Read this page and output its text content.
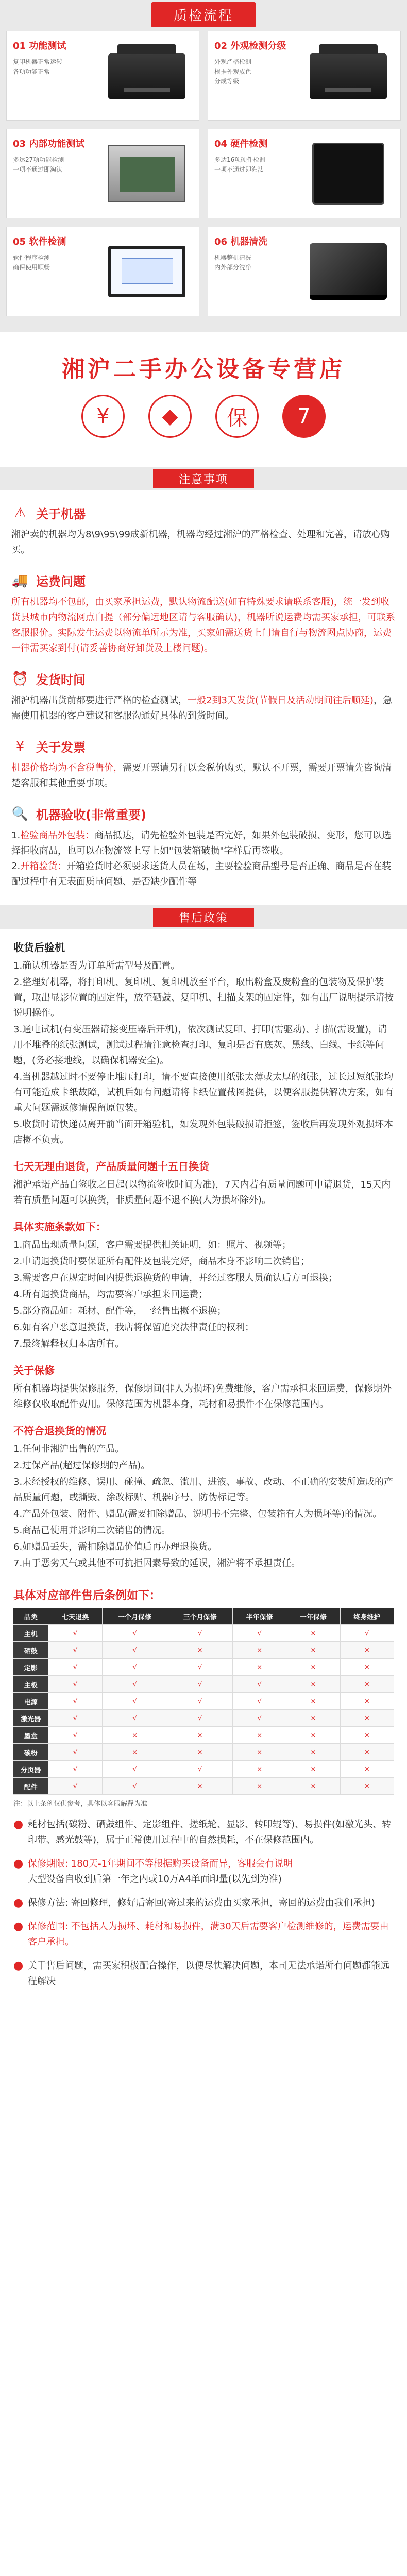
质检流程
01 功能测试
复印机器正常运转
各项功能正常
02 外观检测分级
外观严格检测
根据外观成色
分成等级
03 内部功能测试
多达27项功能检测
一项不通过即淘汰
04 硬件检测
多达16项硬件检测
一项不通过即淘汰
05 软件检测
软件程序检测
确保使用顺畅
06 机器清洗
机器整机清洗
内外部分洗净
湘沪二手办公设备专营店
¥	◆	保	7
注意事项
⚠ 关于机器
湘沪卖的机器均为8\9\95\99成新机器，机器均经过湘沪的严格检查、处理和完善，请放心购买。
🚚 运费问题
所有机器均不包邮，由买家承担运费，默认物流配送(如有特殊要求请联系客服)，统一发到收货县城市内物流网点自提（部分偏远地区请与客服确认)，机器所说运费均需买家承担，可联系客服报价。实际发生运费以物流单所示为准，买家如需送货上门请自行与物流网点协商，运费一律需买家到付(请妥善协商好卸货及上楼问题)。
⏰ 发货时间
湘沪机器出货前都要进行严格的检查测试，一般2到3天发货(节假日及活动期间往后顺延)，急需使用机器的客户建议和客服沟通好具体的到货时间。
¥ 关于发票
机器价格均为不含税售价，需要开票请另行以会税价购买，默认不开票，需要开票请先咨询清楚客服和其他重要事项。
🔍 机器验收(非常重要)
1.检验商品外包装：商品抵达，请先检验外包装是否完好，如果外包装破损、变形，您可以选择拒收商品，也可以在物流签上写上如"包装箱破损"字样后再签收。
2.开箱验货：开箱验货时必须要求送货人员在场，主要检验商品型号是否正确、商品是否在装配过程中有无表面质量问题、是否缺少配件等
售后政策
收货后验机

1.确认机器是否为订单所需型号及配置。

2.整理好机器，将打印机、复印机、复印机放至平台，取出粉盒及废粉盒的包装物及保护装置，取出显影位置的固定件，放至硒鼓、复印机、扫描支架的固定件，如有出厂说明提示请按说明操作。

3.通电试机(有变压器请接变压器后开机)，依次测试复印、打印(需驱动)、扫描(需设置)，请用不堆叠的纸张测试，测试过程请注意检查打印、复印是否有底灰、黑线、白线、卡纸等问题，(务必接地线，以确保机器安全)。

4.当机器越过时不要停止堆压打印，请不要直接使用纸张太薄或太厚的纸张，过长过短纸张均有可能造成卡纸故障，试机后如有问题请将卡纸位置截图提供，以便客服提供解决方案，如有重大问题需返修请保留原包装。

5.收货时请快递员离开前当面开箱验机，如发现外包装破损请拒签，签收后再发现外观损坏本店概不负责。

七天无理由退货，产品质量问题十五日换货

湘沪承诺产品自签收之日起(以物流签收时间为准)，7天内若有质量问题可申请退货，15天内若有质量问题可以换货，非质量问题不退不换(人为损坏除外)。

具体实施条款如下：

1.商品出现质量问题，客户需要提供相关证明，如：照片、视频等；

2.申请退换货时要保证所有配件及包装完好，商品本身不影响二次销售；

3.需要客户在规定时间内提供退换货的申请，并经过客服人员确认后方可退换；

4.所有退换货商品，均需要客户承担来回运费；

5.部分商品如：耗材、配件等，一经售出概不退换；

6.如有客户恶意退换货，我店将保留追究法律责任的权利；

7.最终解释权归本店所有。

关于保修

所有机器均提供保修服务，保修期间(非人为损坏)免费维修，客户需承担来回运费，保修期外维修仅收取配件费用。保修范围为机器本身，耗材和易损件不在保修范围内。

不符合退换货的情况

1.任何非湘沪出售的产品。

2.过保产品(超过保修期的产品)。

3.未经授权的维修、误用、碰撞、疏忽、滥用、进液、事故、改动、不正确的安装所造成的产品质量问题，或撕毁、涂改标贴、机器序号、防伪标记等。

4.产品外包装、附件、赠品(需要扣除赠品、说明书不完整、包装箱有人为损坏等)的情况。

5.商品已使用并影响二次销售的情况。

6.如赠品丢失，需扣除赠品价值后再办理退换货。

7.由于恶劣天气或其他不可抗拒因素导致的延误，湘沪将不承担责任。

具体对应部件售后条例如下：
品类	七天退换	一个月保修	三个月保修	半年保修	一年保修	终身维护
主机	√	√	√	√	×	√
硒鼓	√	√	×	×	×	×
定影	√	√	√	×	×	×
主板	√	√	√	√	×	×
电源	√	√	√	√	×	×
激光器	√	√	√	√	×	×
墨盒	√	×	×	×	×	×
碳粉	√	×	×	×	×	×
分页器	√	√	√	×	×	×
配件	√	√	×	×	×	×
注：以上条例仅供参考，具体以客服解释为准
● 耗材包括(碳粉、硒鼓组件、定影组件、搓纸轮、显影、转印辊等)、易损件(如激光头、转印带、感光鼓等)，属于正常使用过程中的自然损耗，不在保修范围内。
● 保修期限: 180天-1年期间不等根据购买设备而异，客服会有说明
大型设备自收到后第一年之内或10万A4单面印量(以先到为准)
● 保修方法: 寄回修理，修好后寄回(寄过来的运费由买家承担，寄回的运费由我们承担)
● 保修范围: 不包括人为损坏、耗材和易损件，满30天后需要客户检测维修的，运费需要由客户承担。
● 关于售后问题，需买家积极配合操作，以便尽快解决问题，本司无法承诺所有问题都能远程解决
